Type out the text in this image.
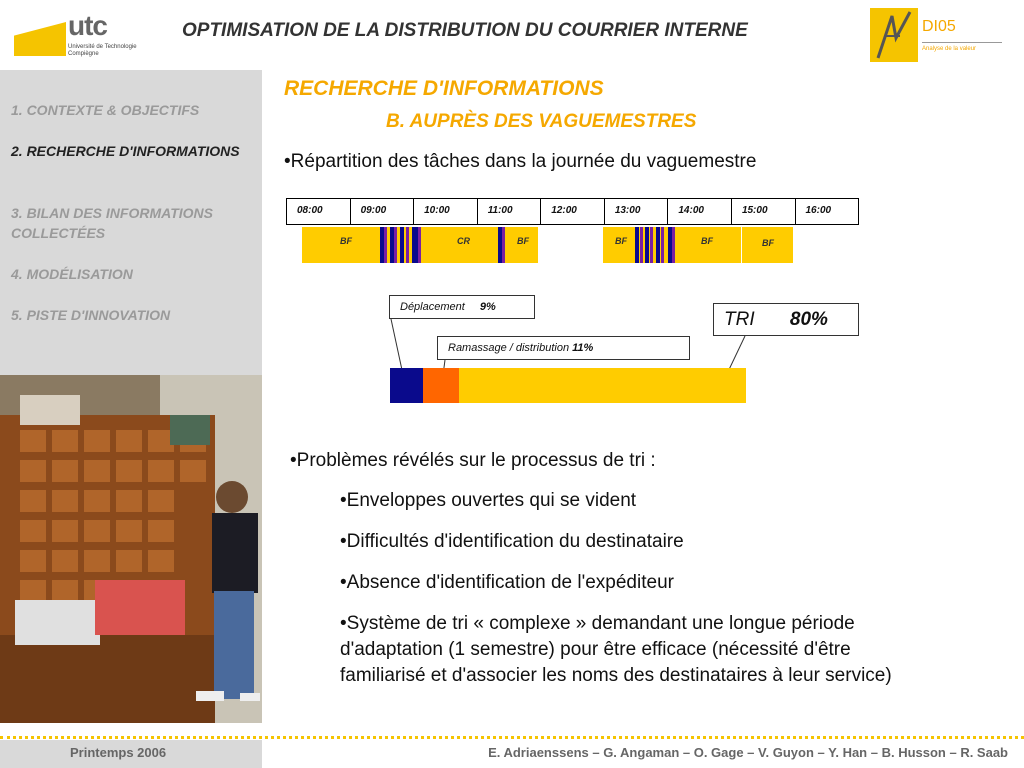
utc
Université de Technologie Compiègne
OPTIMISATION DE LA DISTRIBUTION DU COURRIER INTERNE	DI05
Analyse de la valeur
1. CONTEXTE & OBJECTIFS
2. RECHERCHE D'INFORMATIONS
3. BILAN DES INFORMATIONS COLLECTÉES
4. MODÉLISATION
5. PISTE D'INNOVATION
RECHERCHE D'INFORMATIONS
B. AUPRÈS DES VAGUEMESTRES
•Répartition des tâches dans la journée du vaguemestre
08:00	09:00	10:00	11:00	12:00	13:00	14:00	15:00	16:00
BF	CR	BF	BF	BF	BF
Déplacement 9%
Ramassage / distribution 11%
TRI 80%
•Problèmes révélés sur le processus de tri :
•Enveloppes ouvertes qui se vident
•Difficultés d'identification du destinataire
•Absence d'identification de l'expéditeur
•Système de tri « complexe » demandant une longue période d'adaptation (1 semestre) pour être efficace (nécessité d'être familiarisé et d'associer les noms des destinataires à leur service)
Printemps 2006	E. Adriaenssens – G. Angaman – O. Gage – V. Guyon – Y. Han – B. Husson – R. Saab
